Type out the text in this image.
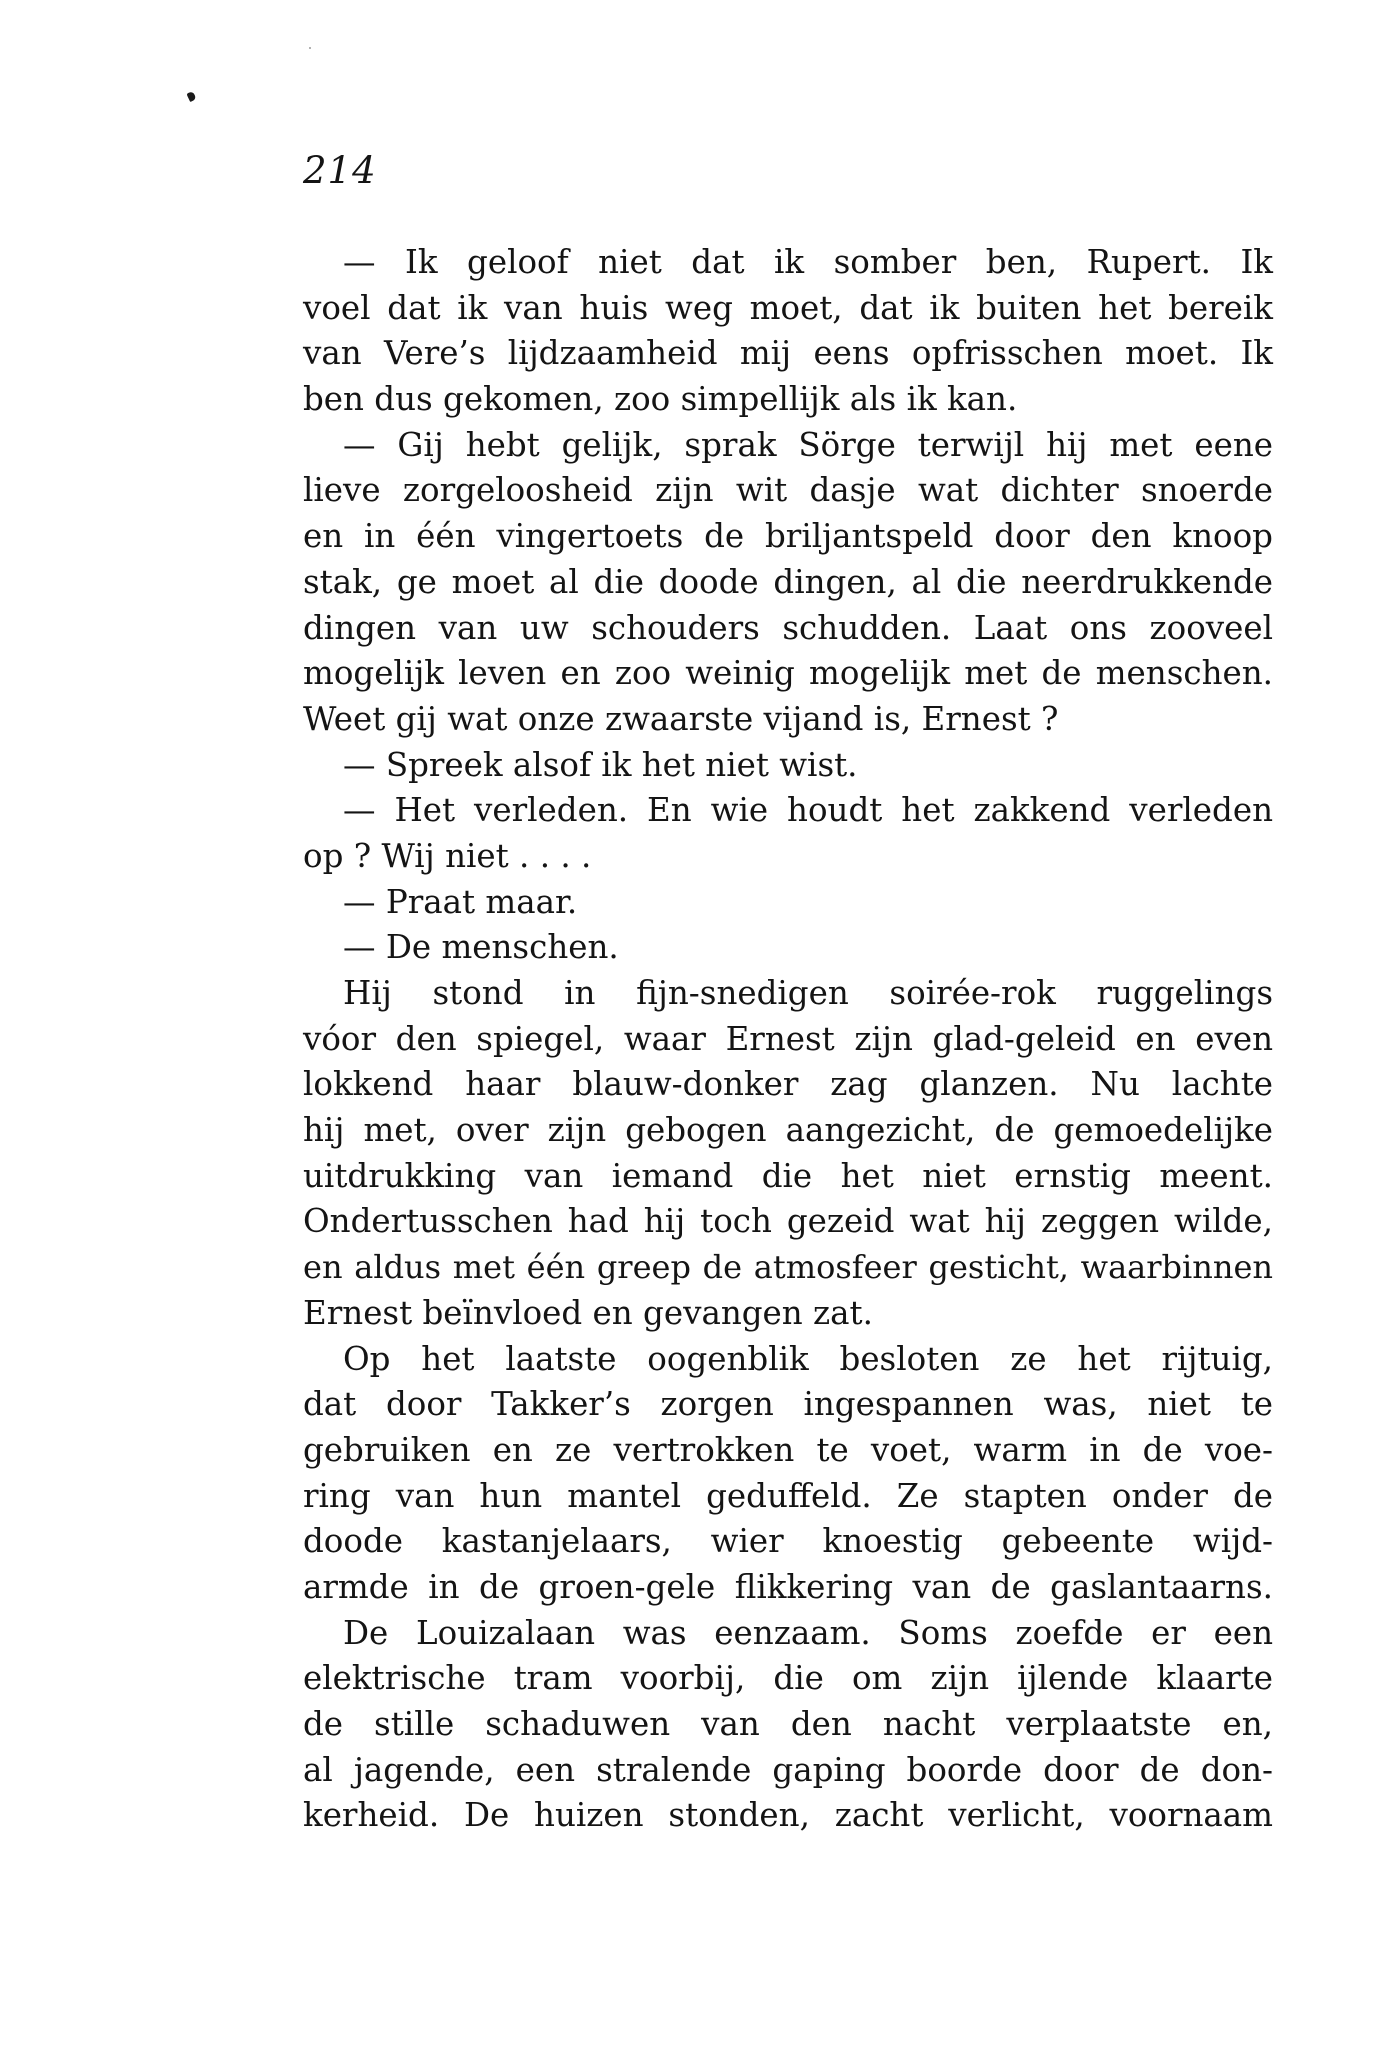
214
— Ik geloof niet dat ik somber ben, Rupert. Ik
voel dat ik van huis weg moet, dat ik buiten het bereik
van Vere’s lijdzaamheid mij eens opfrisschen moet. Ik
ben dus gekomen, zoo simpellijk als ik kan.
— Gij hebt gelijk, sprak Sörge terwijl hij met eene
lieve zorgeloosheid zijn wit dasje wat dichter snoerde
en in één vingertoets de briljantspeld door den knoop
stak, ge moet al die doode dingen, al die neerdrukkende
dingen van uw schouders schudden. Laat ons zooveel
mogelijk leven en zoo weinig mogelijk met de menschen.
Weet gij wat onze zwaarste vijand is, Ernest ?
— Spreek alsof ik het niet wist.
— Het verleden. En wie houdt het zakkend verleden
op ? Wij niet . . . .
— Praat maar.
— De menschen.
Hij stond in fijn-snedigen soirée-rok ruggelings
vóor den spiegel, waar Ernest zijn glad-geleid en even
lokkend haar blauw-donker zag glanzen. Nu lachte
hij met, over zijn gebogen aangezicht, de gemoedelijke
uitdrukking van iemand die het niet ernstig meent.
Ondertusschen had hij toch gezeid wat hij zeggen wilde,
en aldus met één greep de atmosfeer gesticht, waarbinnen
Ernest beïnvloed en gevangen zat.
Op het laatste oogenblik besloten ze het rijtuig,
dat door Takker’s zorgen ingespannen was, niet te
gebruiken en ze vertrokken te voet, warm in de voe-
ring van hun mantel geduffeld. Ze stapten onder de
doode kastanjelaars, wier knoestig gebeente wijd-
armde in de groen-gele flikkering van de gaslantaarns.
De Louizalaan was eenzaam. Soms zoefde er een
elektrische tram voorbij, die om zijn ijlende klaarte
de stille schaduwen van den nacht verplaatste en,
al jagende, een stralende gaping boorde door de don-
kerheid. De huizen stonden, zacht verlicht, voornaam
